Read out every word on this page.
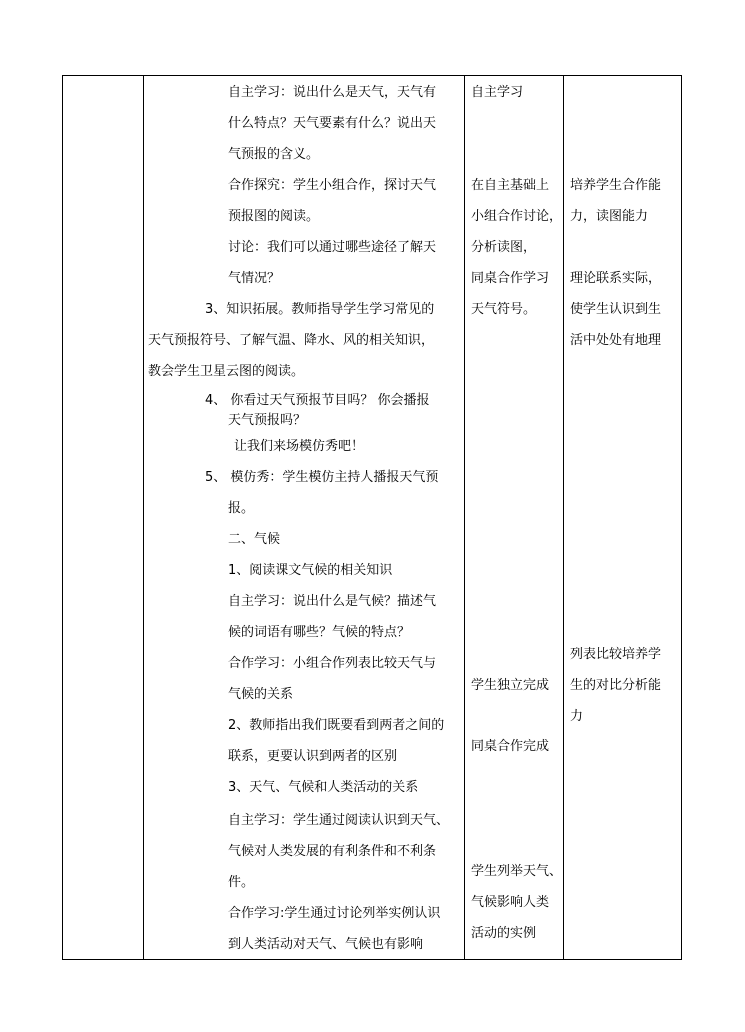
自主学习：说出什么是天气，天气有
什么特点？天气要素有什么？说出天
气预报的含义。
合作探究：学生小组合作，探讨天气
预报图的阅读。
讨论：我们可以通过哪些途径了解天
气情况？
3、知识拓展。教师指导学生学习常见的
天气预报符号、了解气温、降水、风的相关知识，
教会学生卫星云图的阅读。
4、 你看过天气预报节目吗？ 你会播报
天气预报吗？
让我们来场模仿秀吧！
5、 模仿秀：学生模仿主持人播报天气预
报。
二、气候
1、阅读课文气候的相关知识
自主学习：说出什么是气候？描述气
候的词语有哪些？气候的特点？
合作学习：小组合作列表比较天气与
气候的关系
2、教师指出我们既要看到两者之间的
联系，更要认识到两者的区别
3、天气、气候和人类活动的关系
自主学习：学生通过阅读认识到天气、
气候对人类发展的有利条件和不利条
件。
合作学习:学生通过讨论列举实例认识
到人类活动对天气、气候也有影响
自主学习
在自主基础上
小组合作讨论，
分析读图，
同桌合作学习
天气符号。
学生独立完成
同桌合作完成
学生列举天气、
气候影响人类
活动的实例
培养学生合作能
力，读图能力
理论联系实际，
使学生认识到生
活中处处有地理
列表比较培养学
生的对比分析能
力
